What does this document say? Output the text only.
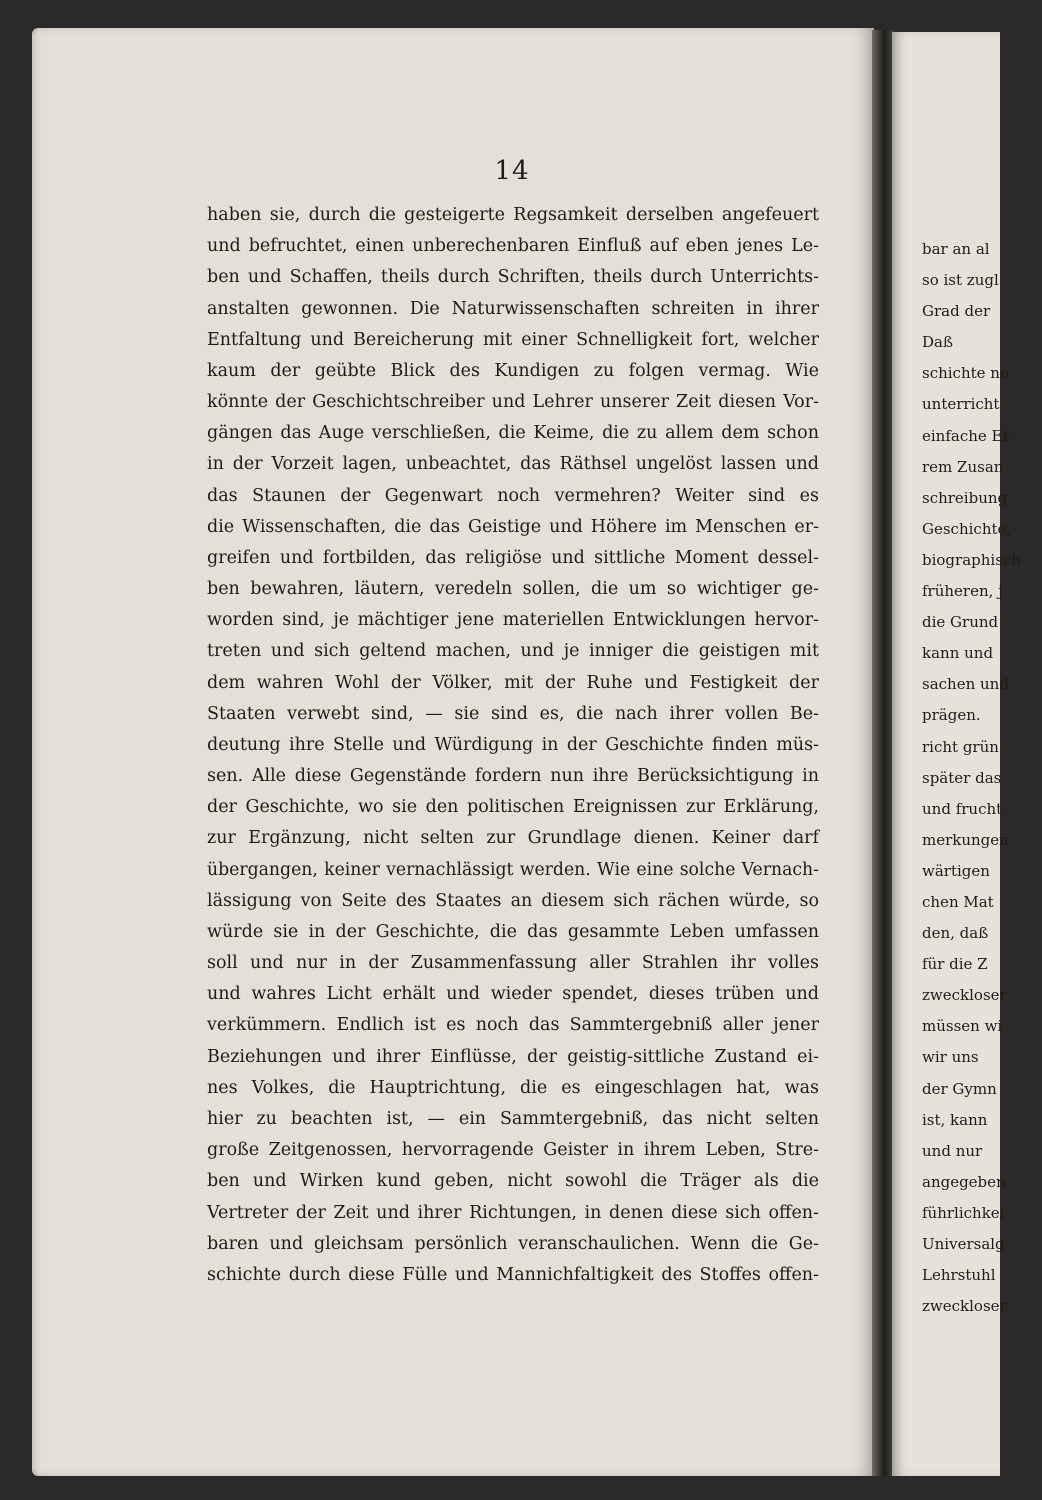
bar an al
so ist zugl
Grad der
Daß
schichte no
unterricht
einfache Er
rem Zusan
schreibung
Geschichte,
biographisch
früheren, j
die Grund
kann und
sachen und
prägen.
richt grün
später das
und frucht
merkungen
wärtigen
chen Mat
den, daß
für die Z
zweckloser
müssen wi
wir uns
der Gymn
ist, kann
und nur
angegeben
führlichkei
Universalg
Lehrstuhl
zweckloser
14
haben sie, durch die gesteigerte Regsamkeit derselben angefeuert
und befruchtet, einen unberechenbaren Einfluß auf eben jenes Le-
ben und Schaffen, theils durch Schriften, theils durch Unterrichts-
anstalten gewonnen. Die Naturwissenschaften schreiten in ihrer
Entfaltung und Bereicherung mit einer Schnelligkeit fort, welcher
kaum der geübte Blick des Kundigen zu folgen vermag. Wie
könnte der Geschichtschreiber und Lehrer unserer Zeit diesen Vor-
gängen das Auge verschließen, die Keime, die zu allem dem schon
in der Vorzeit lagen, unbeachtet, das Räthsel ungelöst lassen und
das Staunen der Gegenwart noch vermehren? Weiter sind es
die Wissenschaften, die das Geistige und Höhere im Menschen er-
greifen und fortbilden, das religiöse und sittliche Moment dessel-
ben bewahren, läutern, veredeln sollen, die um so wichtiger ge-
worden sind, je mächtiger jene materiellen Entwicklungen hervor-
treten und sich geltend machen, und je inniger die geistigen mit
dem wahren Wohl der Völker, mit der Ruhe und Festigkeit der
Staaten verwebt sind, — sie sind es, die nach ihrer vollen Be-
deutung ihre Stelle und Würdigung in der Geschichte finden müs-
sen. Alle diese Gegenstände fordern nun ihre Berücksichtigung in
der Geschichte, wo sie den politischen Ereignissen zur Erklärung,
zur Ergänzung, nicht selten zur Grundlage dienen. Keiner darf
übergangen, keiner vernachlässigt werden. Wie eine solche Vernach-
lässigung von Seite des Staates an diesem sich rächen würde, so
würde sie in der Geschichte, die das gesammte Leben umfassen
soll und nur in der Zusammenfassung aller Strahlen ihr volles
und wahres Licht erhält und wieder spendet, dieses trüben und
verkümmern. Endlich ist es noch das Sammtergebniß aller jener
Beziehungen und ihrer Einflüsse, der geistig-sittliche Zustand ei-
nes Volkes, die Hauptrichtung, die es eingeschlagen hat, was
hier zu beachten ist, — ein Sammtergebniß, das nicht selten
große Zeitgenossen, hervorragende Geister in ihrem Leben, Stre-
ben und Wirken kund geben, nicht sowohl die Träger als die
Vertreter der Zeit und ihrer Richtungen, in denen diese sich offen-
baren und gleichsam persönlich veranschaulichen. Wenn die Ge-
schichte durch diese Fülle und Mannichfaltigkeit des Stoffes offen-
